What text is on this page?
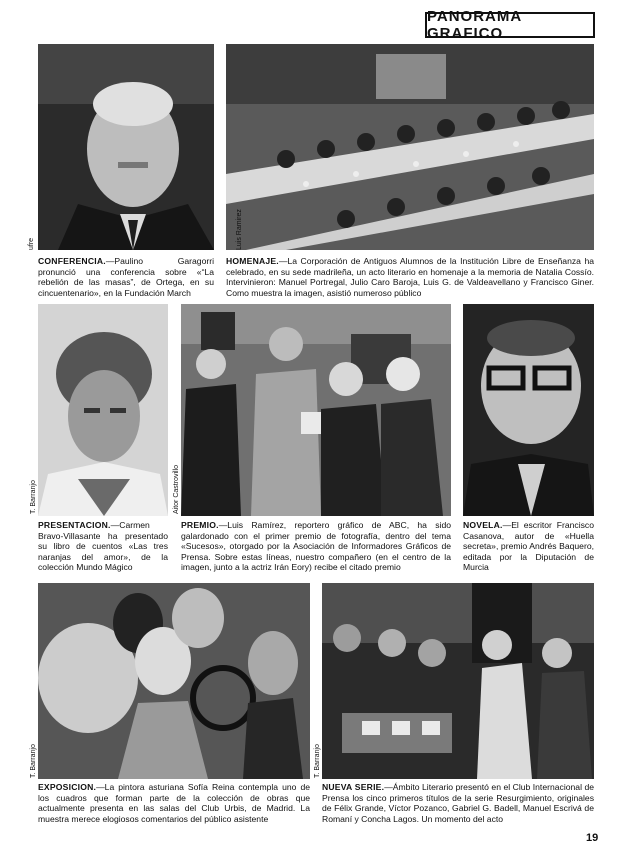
PANORAMA GRAFICO
ufre	Luis Ramirez
CONFERENCIA.—Paulino Garagorri pronunció una conferencia sobre «“La rebelión de las masas”, de Ortega, en su cincuentenario», en la Fundación March
HOMENAJE.—La Corporación de Antiguos Alumnos de la Institución Libre de Enseñanza ha celebrado, en su sede madrileña, un acto literario en homenaje a la memoria de Natalia Cossío. Intervinieron: Manuel Portregal, Julio Caro Baroja, Luis G. de Valdeavellano y Francisco Giner. Como muestra la imagen, asistió numeroso público
T. Barranjo	Aitor Castrovillo
PRESENTACION.—Carmen Bravo-Villasante ha presentado su libro de cuentos «Las tres naranjas del amor», de la colección Mundo Mágico
PREMIO.—Luis Ramírez, reportero gráfico de ABC, ha sido galardonado con el primer premio de fotografía, dentro del tema «Sucesos», otorgado por la Asociación de Informadores Gráficos de Prensa. Sobre estas líneas, nuestro compañero (en el centro de la imagen, junto a la actriz Irán Eory) recibe el citado premio
NOVELA.—El escritor Francisco Casanova, autor de «Huella secreta», premio Andrés Baquero, editada por la Diputación de Murcia
T. Barranjo	T. Barranjo
EXPOSICION.—La pintora asturiana Sofía Reina contempla uno de los cuadros que forman parte de la colección de obras que actualmente presenta en las salas del Club Urbis, de Madrid. La muestra merece elogiosos comentarios del público asistente
NUEVA SERIE.—Ámbito Literario presentó en el Club Internacional de Prensa los cinco primeros títulos de la serie Resurgimiento, originales de Félix Grande, Víctor Pozanco, Gabriel G. Badell, Manuel Escrivá de Romaní y Concha Lagos. Un momento del acto
19
